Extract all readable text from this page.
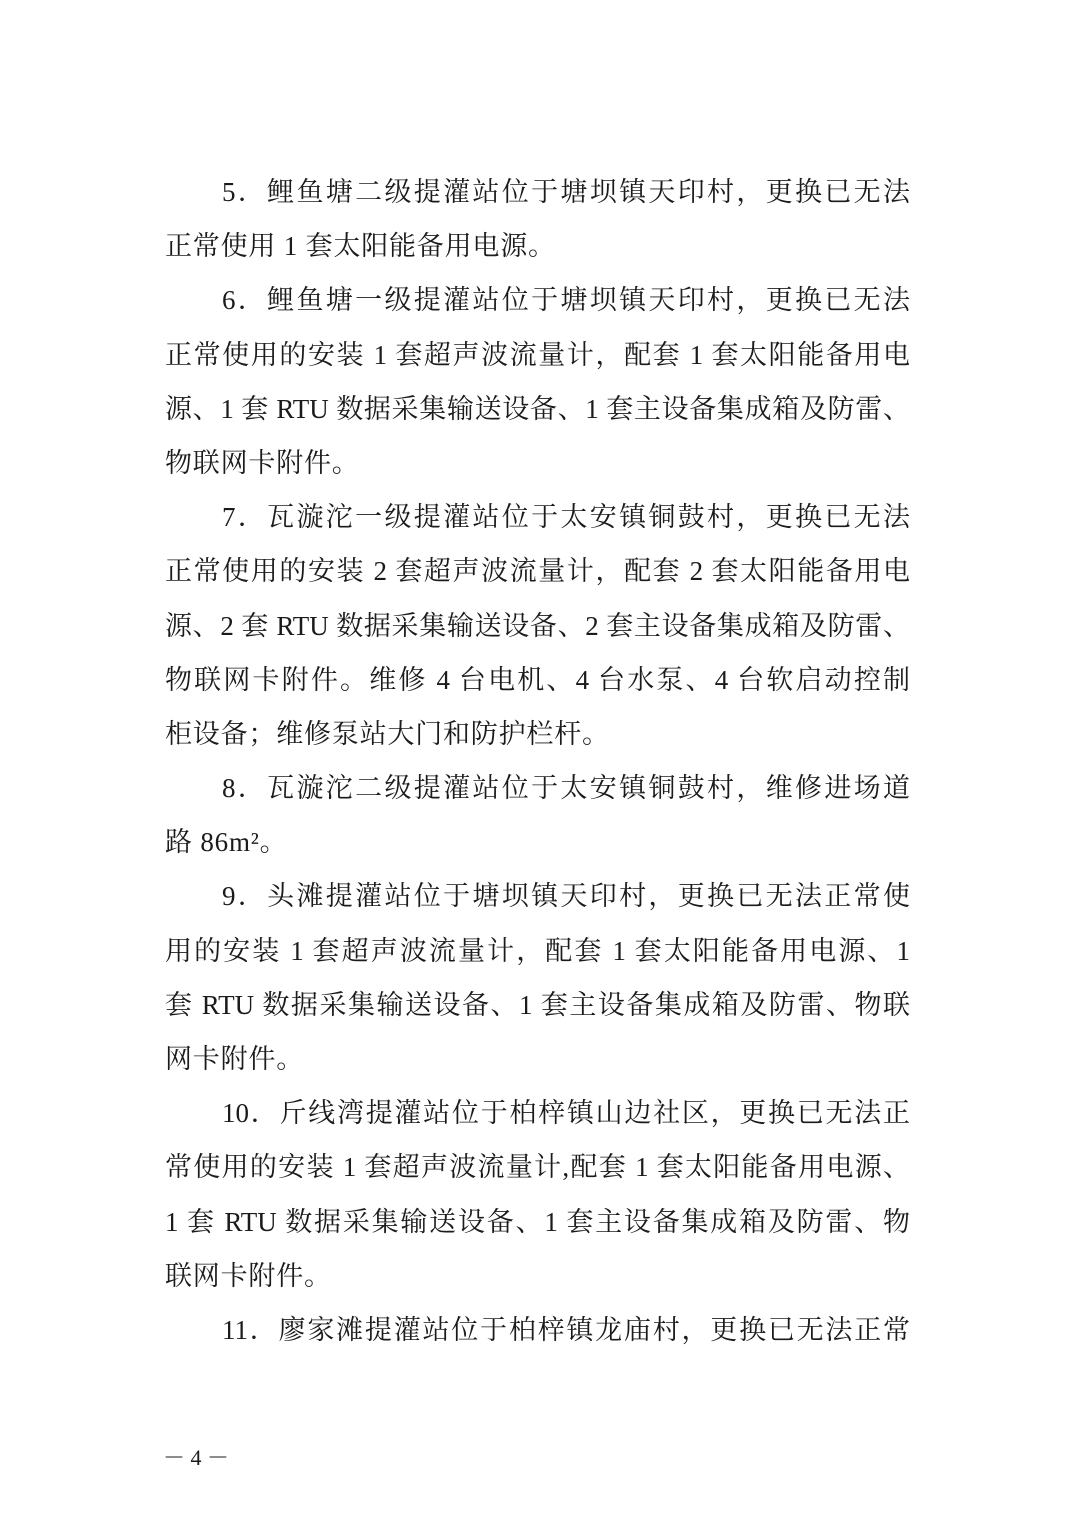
5．鲤鱼塘二级提灌站位于塘坝镇天印村，更换已无法
正常使用 1 套太阳能备用电源。
6．鲤鱼塘一级提灌站位于塘坝镇天印村，更换已无法
正常使用的安装 1 套超声波流量计，配套 1 套太阳能备用电
源、1 套 RTU 数据采集输送设备、1 套主设备集成箱及防雷、
物联网卡附件。
7．瓦漩沱一级提灌站位于太安镇铜鼓村，更换已无法
正常使用的安装 2 套超声波流量计，配套 2 套太阳能备用电
源、2 套 RTU 数据采集输送设备、2 套主设备集成箱及防雷、
物联网卡附件。维修 4 台电机、4 台水泵、4 台软启动控制
柜设备；维修泵站大门和防护栏杆。
8．瓦漩沱二级提灌站位于太安镇铜鼓村，维修进场道
路 86m²。
9．头滩提灌站位于塘坝镇天印村，更换已无法正常使
用的安装 1 套超声波流量计，配套 1 套太阳能备用电源、1
套 RTU 数据采集输送设备、1 套主设备集成箱及防雷、物联
网卡附件。
10．斤线湾提灌站位于柏梓镇山边社区，更换已无法正
常使用的安装 1 套超声波流量计,配套 1 套太阳能备用电源、
1 套 RTU 数据采集输送设备、1 套主设备集成箱及防雷、物
联网卡附件。
11．廖家滩提灌站位于柏梓镇龙庙村，更换已无法正常
－ 4 －
